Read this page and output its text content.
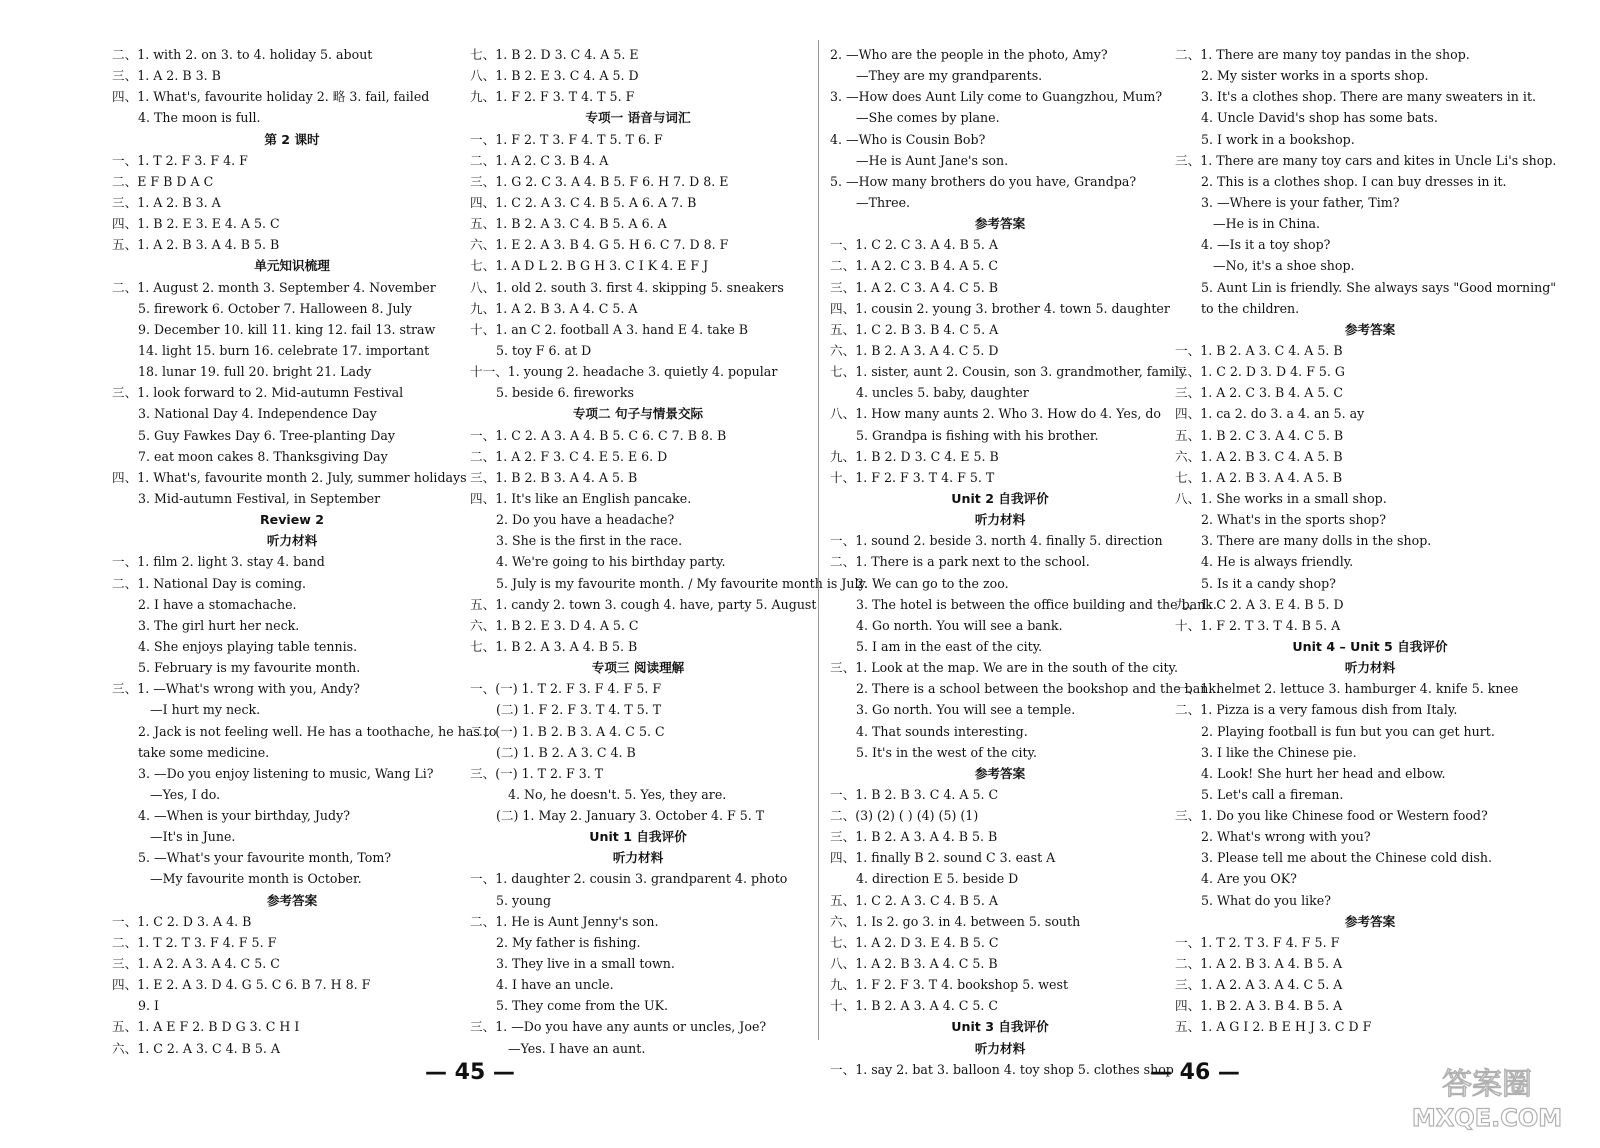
二、1. with 2. on 3. to 4. holiday 5. about
三、1. A 2. B 3. B
四、1. What's, favourite holiday 2. 略 3. fail, failed
4. The moon is full.
第 2 课时
一、1. T 2. F 3. F 4. F
二、E F B D A C
三、1. A 2. B 3. A
四、1. B 2. E 3. E 4. A 5. C
五、1. A 2. B 3. A 4. B 5. B
单元知识梳理
二、1. August 2. month 3. September 4. November
5. firework 6. October 7. Halloween 8. July
9. December 10. kill 11. king 12. fail 13. straw
14. light 15. burn 16. celebrate 17. important
18. lunar 19. full 20. bright 21. Lady
三、1. look forward to 2. Mid-autumn Festival
3. National Day 4. Independence Day
5. Guy Fawkes Day 6. Tree-planting Day
7. eat moon cakes 8. Thanksgiving Day
四、1. What's, favourite month 2. July, summer holidays
3. Mid-autumn Festival, in September
Review 2
听力材料
一、1. film 2. light 3. stay 4. band
二、1. National Day is coming.
2. I have a stomachache.
3. The girl hurt her neck.
4. She enjoys playing table tennis.
5. February is my favourite month.
三、1. —What's wrong with you, Andy?
—I hurt my neck.
2. Jack is not feeling well. He has a toothache, he has to
take some medicine.
3. —Do you enjoy listening to music, Wang Li?
—Yes, I do.
4. —When is your birthday, Judy?
—It's in June.
5. —What's your favourite month, Tom?
—My favourite month is October.
参考答案
一、1. C 2. D 3. A 4. B
二、1. T 2. T 3. F 4. F 5. F
三、1. A 2. A 3. A 4. C 5. C
四、1. E 2. A 3. D 4. G 5. C 6. B 7. H 8. F
9. I
五、1. A E F 2. B D G 3. C H I
六、1. C 2. A 3. C 4. B 5. A
七、1. B 2. D 3. C 4. A 5. E
八、1. B 2. E 3. C 4. A 5. D
九、1. F 2. F 3. T 4. T 5. F
专项一 语音与词汇
一、1. F 2. T 3. F 4. T 5. T 6. F
二、1. A 2. C 3. B 4. A
三、1. G 2. C 3. A 4. B 5. F 6. H 7. D 8. E
四、1. C 2. A 3. C 4. B 5. A 6. A 7. B
五、1. B 2. A 3. C 4. B 5. A 6. A
六、1. E 2. A 3. B 4. G 5. H 6. C 7. D 8. F
七、1. A D L 2. B G H 3. C I K 4. E F J
八、1. old 2. south 3. first 4. skipping 5. sneakers
九、1. A 2. B 3. A 4. C 5. A
十、1. an C 2. football A 3. hand E 4. take B
5. toy F 6. at D
十一、1. young 2. headache 3. quietly 4. popular
5. beside 6. fireworks
专项二 句子与情景交际
一、1. C 2. A 3. A 4. B 5. C 6. C 7. B 8. B
二、1. A 2. F 3. C 4. E 5. E 6. D
三、1. B 2. B 3. A 4. A 5. B
四、1. It's like an English pancake.
2. Do you have a headache?
3. She is the first in the race.
4. We're going to his birthday party.
5. July is my favourite month. / My favourite month is July.
五、1. candy 2. town 3. cough 4. have, party 5. August
六、1. B 2. E 3. D 4. A 5. C
七、1. B 2. A 3. A 4. B 5. B
专项三 阅读理解
一、(一) 1. T 2. F 3. F 4. F 5. F
(二) 1. F 2. F 3. T 4. T 5. T
二、(一) 1. B 2. B 3. A 4. C 5. C
(二) 1. B 2. A 3. C 4. B
三、(一) 1. T 2. F 3. T
4. No, he doesn't. 5. Yes, they are.
(二) 1. May 2. January 3. October 4. F 5. T
Unit 1 自我评价
听力材料
一、1. daughter 2. cousin 3. grandparent 4. photo
5. young
二、1. He is Aunt Jenny's son.
2. My father is fishing.
3. They live in a small town.
4. I have an uncle.
5. They come from the UK.
三、1. —Do you have any aunts or uncles, Joe?
—Yes. I have an aunt.
2. —Who are the people in the photo, Amy?
—They are my grandparents.
3. —How does Aunt Lily come to Guangzhou, Mum?
—She comes by plane.
4. —Who is Cousin Bob?
—He is Aunt Jane's son.
5. —How many brothers do you have, Grandpa?
—Three.
参考答案
一、1. C 2. C 3. A 4. B 5. A
二、1. A 2. C 3. B 4. A 5. C
三、1. A 2. C 3. A 4. C 5. B
四、1. cousin 2. young 3. brother 4. town 5. daughter
五、1. C 2. B 3. B 4. C 5. A
六、1. B 2. A 3. A 4. C 5. D
七、1. sister, aunt 2. Cousin, son 3. grandmother, family
4. uncles 5. baby, daughter
八、1. How many aunts 2. Who 3. How do 4. Yes, do
5. Grandpa is fishing with his brother.
九、1. B 2. D 3. C 4. E 5. B
十、1. F 2. F 3. T 4. F 5. T
Unit 2 自我评价
听力材料
一、1. sound 2. beside 3. north 4. finally 5. direction
二、1. There is a park next to the school.
2. We can go to the zoo.
3. The hotel is between the office building and the bank.
4. Go north. You will see a bank.
5. I am in the east of the city.
三、1. Look at the map. We are in the south of the city.
2. There is a school between the bookshop and the bank.
3. Go north. You will see a temple.
4. That sounds interesting.
5. It's in the west of the city.
参考答案
一、1. B 2. B 3. C 4. A 5. C
二、(3) (2) ( ) (4) (5) (1)
三、1. B 2. A 3. A 4. B 5. B
四、1. finally B 2. sound C 3. east A
4. direction E 5. beside D
五、1. C 2. A 3. C 4. B 5. A
六、1. Is 2. go 3. in 4. between 5. south
七、1. A 2. D 3. E 4. B 5. C
八、1. A 2. B 3. A 4. C 5. B
九、1. F 2. F 3. T 4. bookshop 5. west
十、1. B 2. A 3. A 4. C 5. C
Unit 3 自我评价
听力材料
一、1. say 2. bat 3. balloon 4. toy shop 5. clothes shop
二、1. There are many toy pandas in the shop.
2. My sister works in a sports shop.
3. It's a clothes shop. There are many sweaters in it.
4. Uncle David's shop has some bats.
5. I work in a bookshop.
三、1. There are many toy cars and kites in Uncle Li's shop.
2. This is a clothes shop. I can buy dresses in it.
3. —Where is your father, Tim?
—He is in China.
4. —Is it a toy shop?
—No, it's a shoe shop.
5. Aunt Lin is friendly. She always says "Good morning"
to the children.
参考答案
一、1. B 2. A 3. C 4. A 5. B
二、1. C 2. D 3. D 4. F 5. G
三、1. A 2. C 3. B 4. A 5. C
四、1. ca 2. do 3. a 4. an 5. ay
五、1. B 2. C 3. A 4. C 5. B
六、1. A 2. B 3. C 4. A 5. B
七、1. A 2. B 3. A 4. A 5. B
八、1. She works in a small shop.
2. What's in the sports shop?
3. There are many dolls in the shop.
4. He is always friendly.
5. Is it a candy shop?
九、1. C 2. A 3. E 4. B 5. D
十、1. F 2. T 3. T 4. B 5. A
Unit 4 – Unit 5 自我评价
听力材料
一、1. helmet 2. lettuce 3. hamburger 4. knife 5. knee
二、1. Pizza is a very famous dish from Italy.
2. Playing football is fun but you can get hurt.
3. I like the Chinese pie.
4. Look! She hurt her head and elbow.
5. Let's call a fireman.
三、1. Do you like Chinese food or Western food?
2. What's wrong with you?
3. Please tell me about the Chinese cold dish.
4. Are you OK?
5. What do you like?
参考答案
一、1. T 2. T 3. F 4. F 5. F
二、1. A 2. B 3. A 4. B 5. A
三、1. A 2. A 3. A 4. C 5. A
四、1. B 2. A 3. B 4. B 5. A
五、1. A G I 2. B E H J 3. C D F
— 45 —	— 46 —	答案圈
MXQE.COM
